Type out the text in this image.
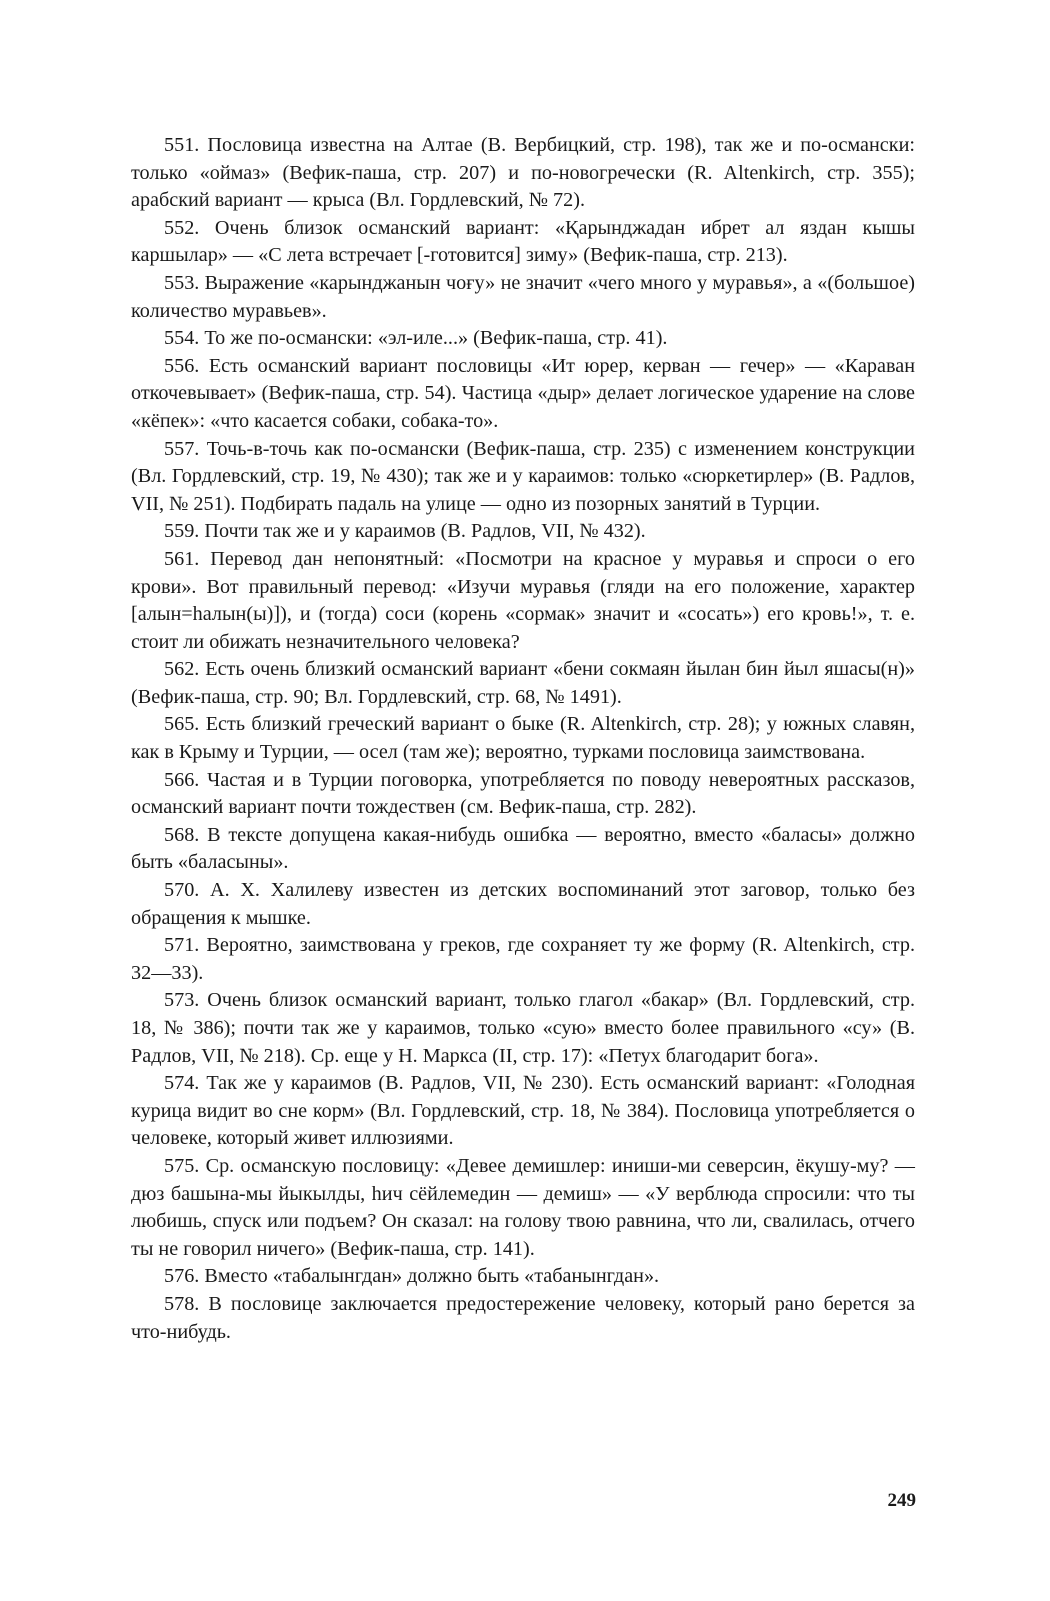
551. Пословица известна на Алтае (В. Вербицкий, стр. 198), так же и по-османски: только «оймаз» (Вефик-паша, стр. 207) и по-новогречески (R. Altenkirch, стр. 355); арабский вариант — крыса (Вл. Гордлевский, № 72).

552. Очень близок османский вариант: «Қарынджадан ибрет ал яздан кышы каршылар» — «С лета встречает [-готовится] зиму» (Вефик-паша, стр. 213).

553. Выражение «карынджанын чоғу» не значит «чего много у муравья», а «(большое) количество муравьев».

554. То же по-османски: «эл-иле...» (Вефик-паша, стр. 41).

556. Есть османский вариант пословицы «Ит юрер, керван — гечер» — «Караван откочевывает» (Вефик-паша, стр. 54). Частица «дыр» делает логическое ударение на слове «кёпек»: «что касается собаки, собака-то».

557. Точь-в-точь как по-османски (Вефик-паша, стр. 235) с изменением конструкции (Вл. Гордлевский, стр. 19, № 430); так же и у караимов: только «сюркетирлер» (В. Радлов, VII, № 251). Подбирать падаль на улице — одно из позорных занятий в Турции.

559. Почти так же и у караимов (В. Радлов, VII, № 432).

561. Перевод дан непонятный: «Посмотри на красное у муравья и спроси о его крови». Вот правильный перевод: «Изучи муравья (гляди на его положение, характер [алын=һалын(ы)]), и (тогда) соси (корень «сормак» значит и «сосать») его кровь!», т. е. стоит ли обижать незначительного человека?

562. Есть очень близкий османский вариант «бени сокмаян йылан бин йыл яшасы(н)» (Вефик-паша, стр. 90; Вл. Гордлевский, стр. 68, № 1491).

565. Есть близкий греческий вариант о быке (R. Altenkirch, стр. 28); у южных славян, как в Крыму и Турции, — осел (там же); вероятно, турками пословица заимствована.

566. Частая и в Турции поговорка, употребляется по поводу невероятных рассказов, османский вариант почти тождествен (см. Вефик-паша, стр. 282).

568. В тексте допущена какая-нибудь ошибка — вероятно, вместо «баласы» должно быть «баласыны».

570. А. Х. Халилеву известен из детских воспоминаний этот заговор, только без обращения к мышке.

571. Вероятно, заимствована у греков, где сохраняет ту же форму (R. Altenkirch, стр. 32—33).

573. Очень близок османский вариант, только глагол «бакар» (Вл. Гордлевский, стр. 18, № 386); почти так же у караимов, только «сую» вместо более правильного «су» (В. Радлов, VII, № 218). Ср. еще у Н. Маркса (II, стр. 17): «Петух благодарит бога».

574. Так же у караимов (В. Радлов, VII, № 230). Есть османский вариант: «Голодная курица видит во сне корм» (Вл. Гордлевский, стр. 18, № 384). Пословица употребляется о человеке, который живет иллюзиями.

575. Ср. османскую пословицу: «Девее демишлер: иниши-ми северсин, ёкушу-му? — дюз башына-мы йыкылды, һич сёйлемедин — демиш» — «У верблюда спросили: что ты любишь, спуск или подъем? Он сказал: на голову твою равнина, что ли, свалилась, отчего ты не говорил ничего» (Вефик-паша, стр. 141).

576. Вместо «табалынгдан» должно быть «табанынгдан».

578. В пословице заключается предостережение человеку, который рано берется за что-нибудь.

249
